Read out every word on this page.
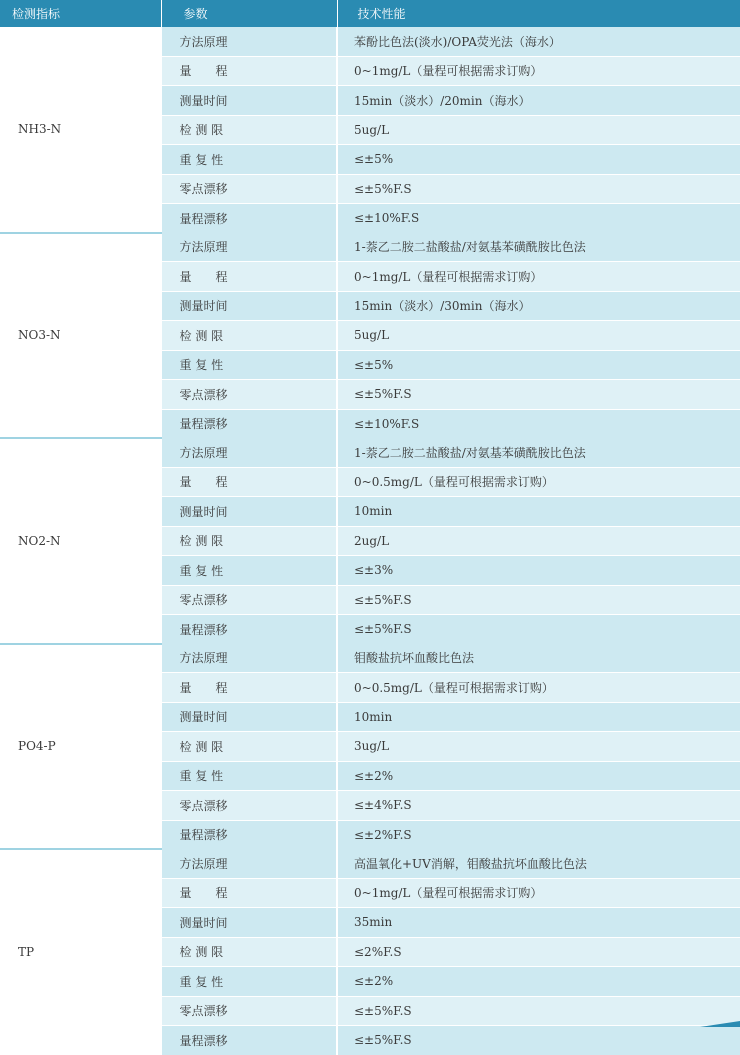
检测指标	参数	技术性能
NH3-N	方法原理	苯酚比色法(淡水)/OPA荧光法（海水）
	量　　程	0~1mg/L（量程可根据需求订购）
	测量时间	15min（淡水）/20min（海水）
	检 测 限	5ug/L
	重 复 性	≤±5%
	零点漂移	≤±5%F.S
	量程漂移	≤±10%F.S
NO3-N	方法原理	1-萘乙二胺二盐酸盐/对氨基苯磺酰胺比色法
	量　　程	0~1mg/L（量程可根据需求订购）
	测量时间	15min（淡水）/30min（海水）
	检 测 限	5ug/L
	重 复 性	≤±5%
	零点漂移	≤±5%F.S
	量程漂移	≤±10%F.S
NO2-N	方法原理	1-萘乙二胺二盐酸盐/对氨基苯磺酰胺比色法
	量　　程	0~0.5mg/L（量程可根据需求订购）
	测量时间	10min
	检 测 限	2ug/L
	重 复 性	≤±3%
	零点漂移	≤±5%F.S
	量程漂移	≤±5%F.S
PO4-P	方法原理	钼酸盐抗坏血酸比色法
	量　　程	0~0.5mg/L（量程可根据需求订购）
	测量时间	10min
	检 测 限	3ug/L
	重 复 性	≤±2%
	零点漂移	≤±4%F.S
	量程漂移	≤±2%F.S
TP	方法原理	高温氧化+UV消解，钼酸盐抗坏血酸比色法
	量　　程	0~1mg/L（量程可根据需求订购）
	测量时间	35min
	检 测 限	≤2%F.S
	重 复 性	≤±2%
	零点漂移	≤±5%F.S
	量程漂移	≤±5%F.S
